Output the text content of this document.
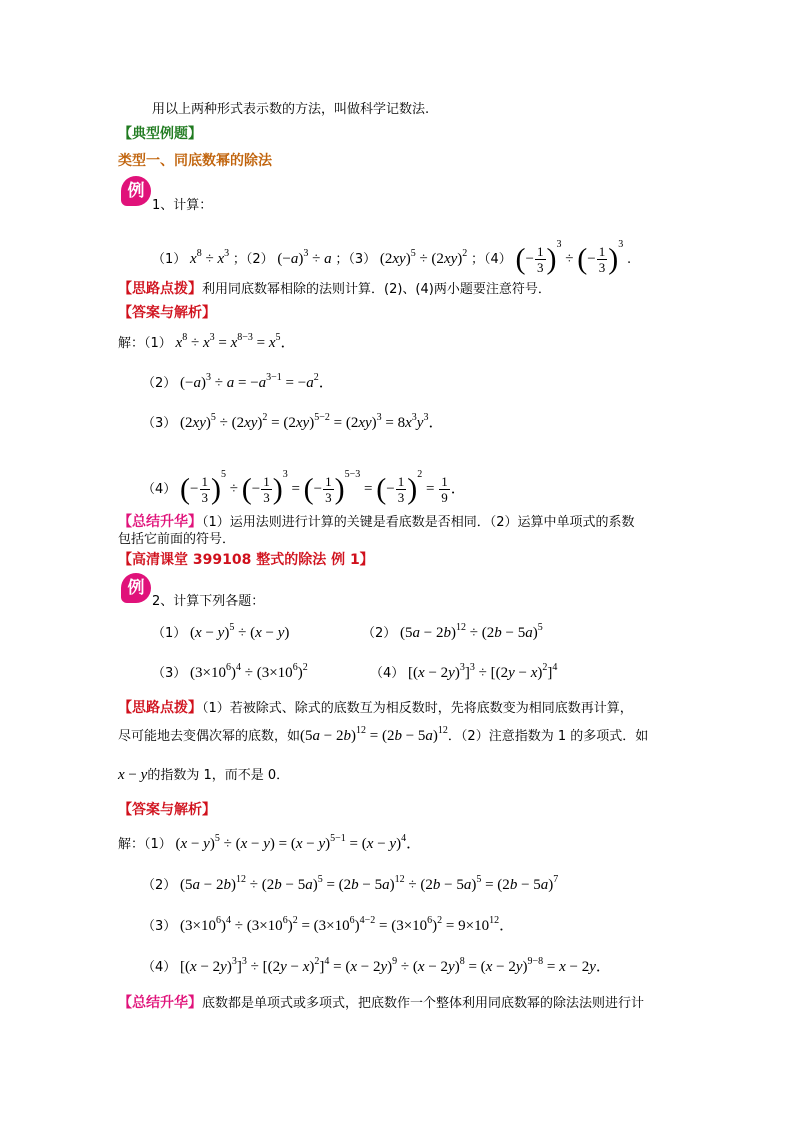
用以上两种形式表示数的方法，叫做科学记数法.
【典型例题】
类型一、同底数幂的除法
例
1、计算：
（1） $x^8 \div x^3$ ；（2） $(-a)^3 \div a$ ；（3） $(2xy)^5 \div (2xy)^2$ ；（4） (− $\frac{1}{3} )^3$ ÷ (− $\frac{1}{3} )^3$ .
【思路点拨】利用同底数幂相除的法则计算．(2)、(4)两小题要注意符号．
【答案与解析】
解：（1） $x^8 \div x^3 = x^{8-3} = x^5$．
（2） $(-a)^3 \div a = -a^{3-1} = -a^2$．
（3） $(2xy)^5 \div (2xy)^2 = (2xy)^{5-2} = (2xy)^3 = 8x^3y^3$．
（4） (− $\frac{1}{3} )^5$ ÷ (− $\frac{1}{3} )^3$ = (− $\frac{1}{3} )^{5-3}$ = (− $\frac{1}{3} )^2 = \frac{1}{9}$ ．
【总结升华】（1）运用法则进行计算的关键是看底数是否相同．（2）运算中单项式的系数
包括它前面的符号．
【高清课堂 399108 整式的除法 例 1】
例
2、计算下列各题：
（1） $(x - y)^5 \div (x - y)$	（2） $(5a - 2b)^{12} \div (2b - 5a)^5$
（3） $(3\times 10^6)^4 \div (3\times 10^6)^2$	（4） $[(x - 2y)^3]^3 \div [(2y - x)^2]^4$
【思路点拨】（1）若被除式、除式的底数互为相反数时，先将底数变为相同底数再计算，
尽可能地去变偶次幂的底数，如$(5a - 2b)^{12} = (2b - 5a)^{12}$．（2）注意指数为 1 的多项式．如
x − y的指数为 1，而不是 0．
【答案与解析】
解：（1） $(x - y)^5 \div (x - y) = (x - y)^{5-1} = (x - y)^4$．
（2） $(5a - 2b)^{12} \div (2b - 5a)^5 = (2b - 5a)^{12} \div (2b - 5a)^5 = (2b - 5a)^7$
（3） $(3\times 10^6)^4 \div (3\times 10^6)^2 = (3\times 10^6)^{4-2} = (3\times 10^6)^2 = 9\times 10^{12}$．
（4） $[(x - 2y)^3]^3 \div [(2y - x)^2]^4 = (x - 2y)^9 \div (x - 2y)^8 = (x - 2y)^{9-8} = x - 2y$．
【总结升华】底数都是单项式或多项式，把底数作一个整体利用同底数幂的除法法则进行计
